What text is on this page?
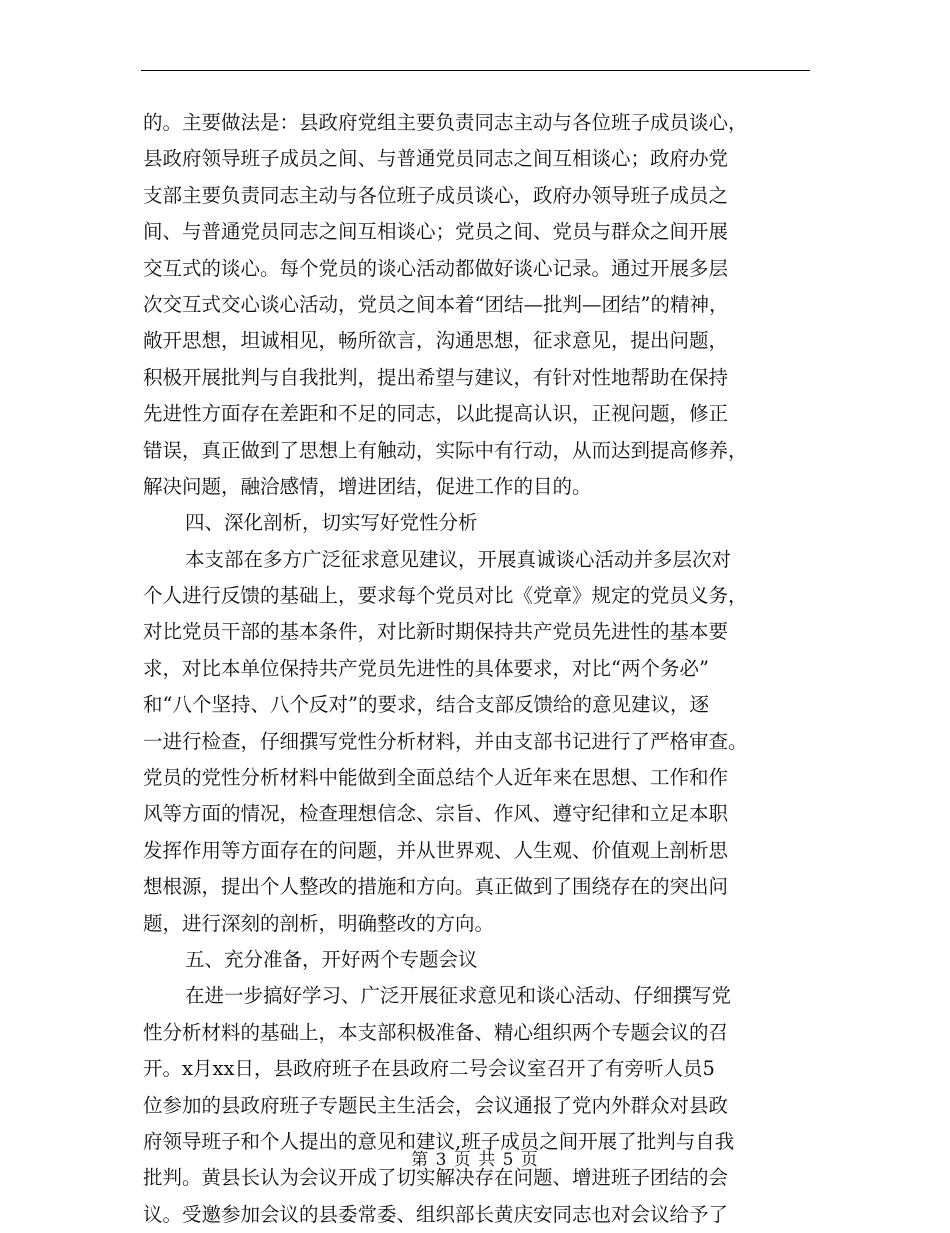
的。主要做法是：县政府党组主要负责同志主动与各位班子成员谈心，
县政府领导班子成员之间、与普通党员同志之间互相谈心；政府办党
支部主要负责同志主动与各位班子成员谈心，政府办领导班子成员之
间、与普通党员同志之间互相谈心；党员之间、党员与群众之间开展
交互式的谈心。每个党员的谈心活动都做好谈心记录。通过开展多层
次交互式交心谈心活动，党员之间本着“团结—批判—团结”的精神，
敞开思想，坦诚相见，畅所欲言，沟通思想，征求意见，提出问题，
积极开展批判与自我批判，提出希望与建议，有针对性地帮助在保持
先进性方面存在差距和不足的同志，以此提高认识，正视问题，修正
错误，真正做到了思想上有触动，实际中有行动，从而达到提高修养，
解决问题，融洽感情，增进团结，促进工作的目的。
四、深化剖析，切实写好党性分析
本支部在多方广泛征求意见建议，开展真诚谈心活动并多层次对
个人进行反馈的基础上，要求每个党员对比《党章》规定的党员义务，
对比党员干部的基本条件，对比新时期保持共产党员先进性的基本要
求，对比本单位保持共产党员先进性的具体要求，对比“两个务必”
和“八个坚持、八个反对”的要求，结合支部反馈给的意见建议，逐
一进行检查，仔细撰写党性分析材料，并由支部书记进行了严格审查。
党员的党性分析材料中能做到全面总结个人近年来在思想、工作和作
风等方面的情况，检查理想信念、宗旨、作风、遵守纪律和立足本职
发挥作用等方面存在的问题，并从世界观、人生观、价值观上剖析思
想根源，提出个人整改的措施和方向。真正做到了围绕存在的突出问
题，进行深刻的剖析，明确整改的方向。
五、充分准备，开好两个专题会议
在进一步搞好学习、广泛开展征求意见和谈心活动、仔细撰写党
性分析材料的基础上，本支部积极准备、精心组织两个专题会议的召
开。x月xx日，县政府班子在县政府二号会议室召开了有旁听人员5
位参加的县政府班子专题民主生活会，会议通报了党内外群众对县政
府领导班子和个人提出的意见和建议,班子成员之间开展了批判与自我
批判。黄县长认为会议开成了切实解决存在问题、增进班子团结的会
议。受邀参加会议的县委常委、组织部长黄庆安同志也对会议给予了
第 3 页 共 5 页
